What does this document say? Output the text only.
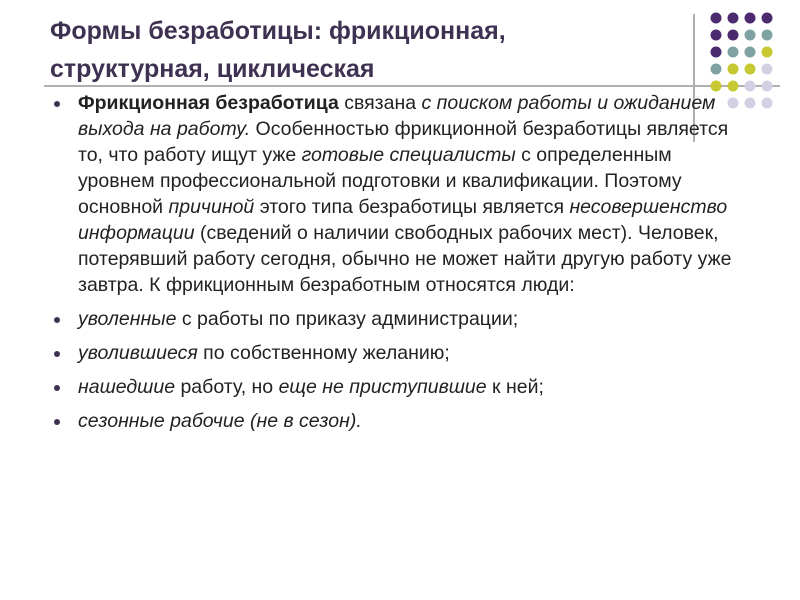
Формы безработицы: фрикционная,
структурная, циклическая
Фрикционная безработица связана с поиском работы и ожиданием выхода на работу. Особенностью фрикционной безработицы является то, что работу ищут уже готовые специалисты с определенным уровнем профессиональной подготовки и квалификации. Поэтому основной причиной этого типа безработицы является несовершенство информации (сведений о наличии свободных рабочих мест). Человек, потерявший работу сегодня, обычно не может найти другую работу уже завтра. К фрикционным безработным относятся люди:
уволенные с работы по приказу администрации;
уволившиеся по собственному желанию;
нашедшие работу, но еще не приступившие к ней;
сезонные рабочие (не в сезон).
